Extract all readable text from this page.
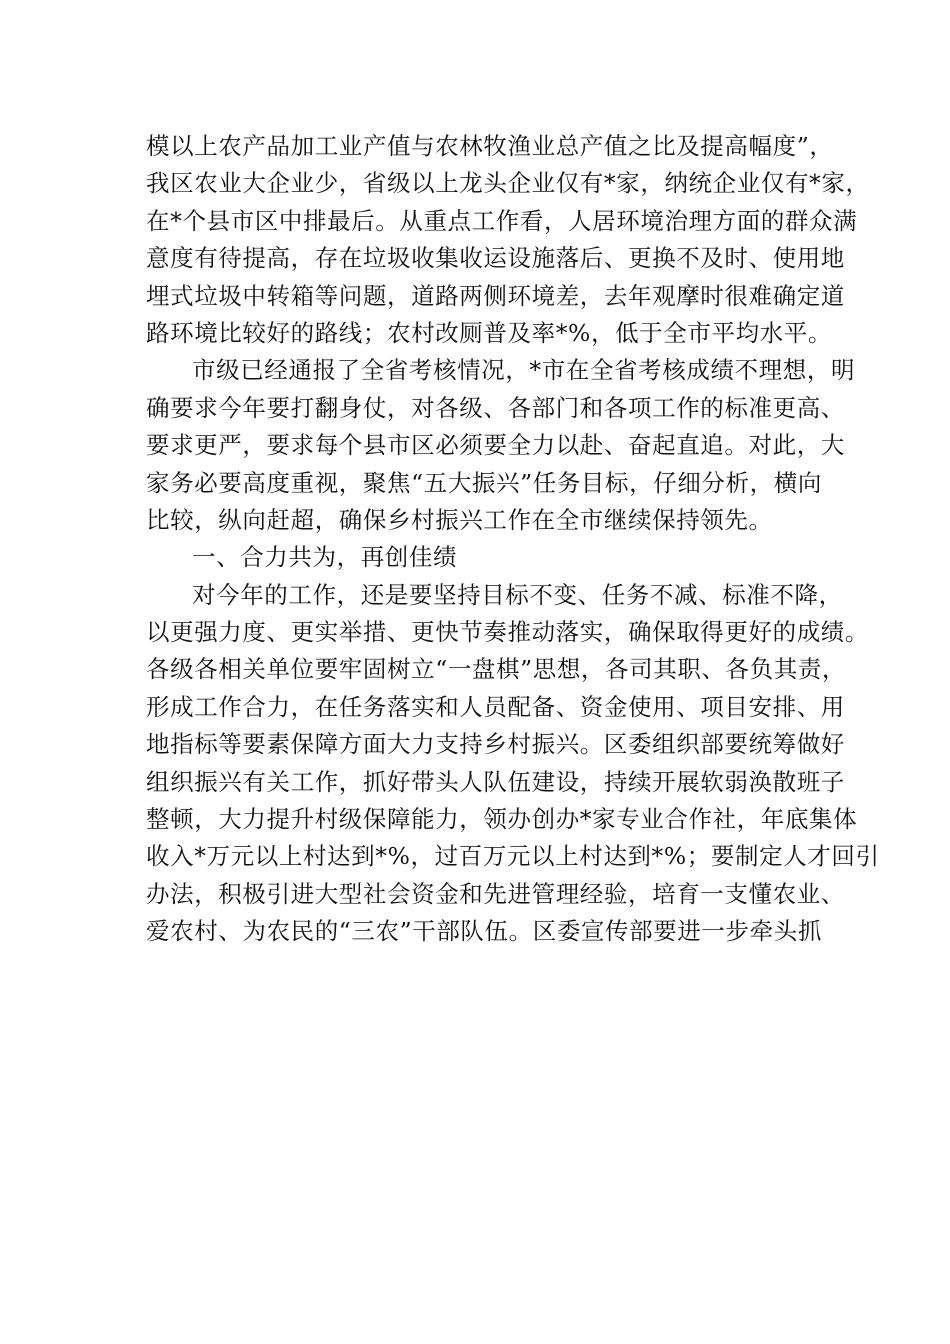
模以上农产品加工业产值与农林牧渔业总产值之比及提高幅度”，
我区农业大企业少，省级以上龙头企业仅有*家，纳统企业仅有*家，
在*个县市区中排最后。从重点工作看，人居环境治理方面的群众满
意度有待提高，存在垃圾收集收运设施落后、更换不及时、使用地
埋式垃圾中转箱等问题，道路两侧环境差，去年观摩时很难确定道
路环境比较好的路线；农村改厕普及率*%，低于全市平均水平。
市级已经通报了全省考核情况，*市在全省考核成绩不理想，明
确要求今年要打翻身仗，对各级、各部门和各项工作的标准更高、
要求更严，要求每个县市区必须要全力以赴、奋起直追。对此，大
家务必要高度重视，聚焦“五大振兴”任务目标，仔细分析，横向
比较，纵向赶超，确保乡村振兴工作在全市继续保持领先。
一、合力共为，再创佳绩
对今年的工作，还是要坚持目标不变、任务不减、标准不降，
以更强力度、更实举措、更快节奏推动落实，确保取得更好的成绩。
各级各相关单位要牢固树立“一盘棋”思想，各司其职、各负其责，
形成工作合力，在任务落实和人员配备、资金使用、项目安排、用
地指标等要素保障方面大力支持乡村振兴。区委组织部要统筹做好
组织振兴有关工作，抓好带头人队伍建设，持续开展软弱涣散班子
整顿，大力提升村级保障能力，领办创办*家专业合作社，年底集体
收入*万元以上村达到*%，过百万元以上村达到*%；要制定人才回引
办法，积极引进大型社会资金和先进管理经验，培育一支懂农业、
爱农村、为农民的“三农”干部队伍。区委宣传部要进一步牵头抓
